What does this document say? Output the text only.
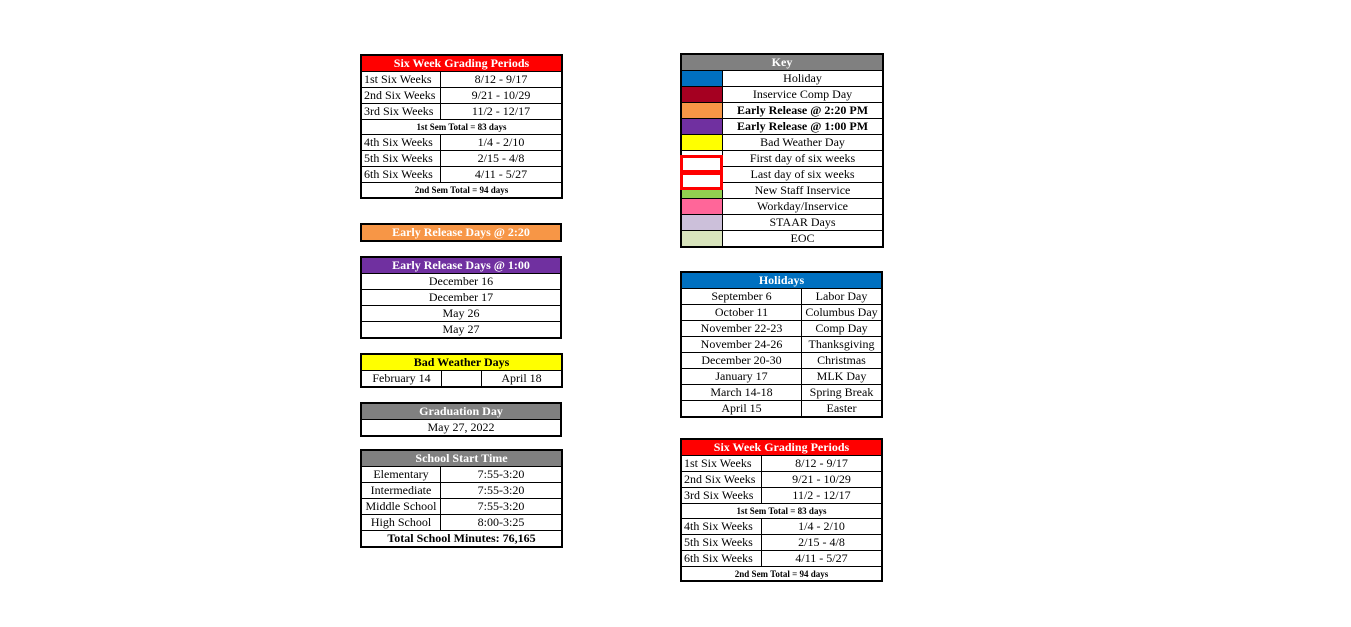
Six Week Grading Periods	
1st Six Weeks	8/12 - 9/17
2nd Six Weeks	9/21 - 10/29
3rd Six Weeks	11/2 - 12/17
1st Sem Total = 83 days	
4th Six Weeks	1/4 - 2/10
5th Six Weeks	2/15 - 4/8
6th Six Weeks	4/11 - 5/27
2nd Sem Total = 94 days	
Early Release Days @ 2:20
Early Release Days @ 1:00
December 16
December 17
May 26
May 27
Bad Weather Days
February 14		April 18
Graduation Day
May 27, 2022
School Start Time	
Elementary	7:55-3:20
Intermediate	7:55-3:20
Middle School	7:55-3:20
High School	8:00-3:25
Total School Minutes: 76,165	
Key	
	Holiday
	Inservice Comp Day
	Early Release @ 2:20 PM
	Early Release @ 1:00 PM
	Bad Weather Day
	First day of six weeks
	Last day of six weeks
	New Staff Inservice
	Workday/Inservice
	STAAR Days
	EOC
Holidays	
September 6	Labor Day
October 11	Columbus Day
November 22-23	Comp Day
November 24-26	Thanksgiving
December 20-30	Christmas
January 17	MLK Day
March 14-18	Spring Break
April 15	Easter
Six Week Grading Periods	
1st Six Weeks	8/12 - 9/17
2nd Six Weeks	9/21 - 10/29
3rd Six Weeks	11/2 - 12/17
1st Sem Total = 83 days	
4th Six Weeks	1/4 - 2/10
5th Six Weeks	2/15 - 4/8
6th Six Weeks	4/11 - 5/27
2nd Sem Total = 94 days	
